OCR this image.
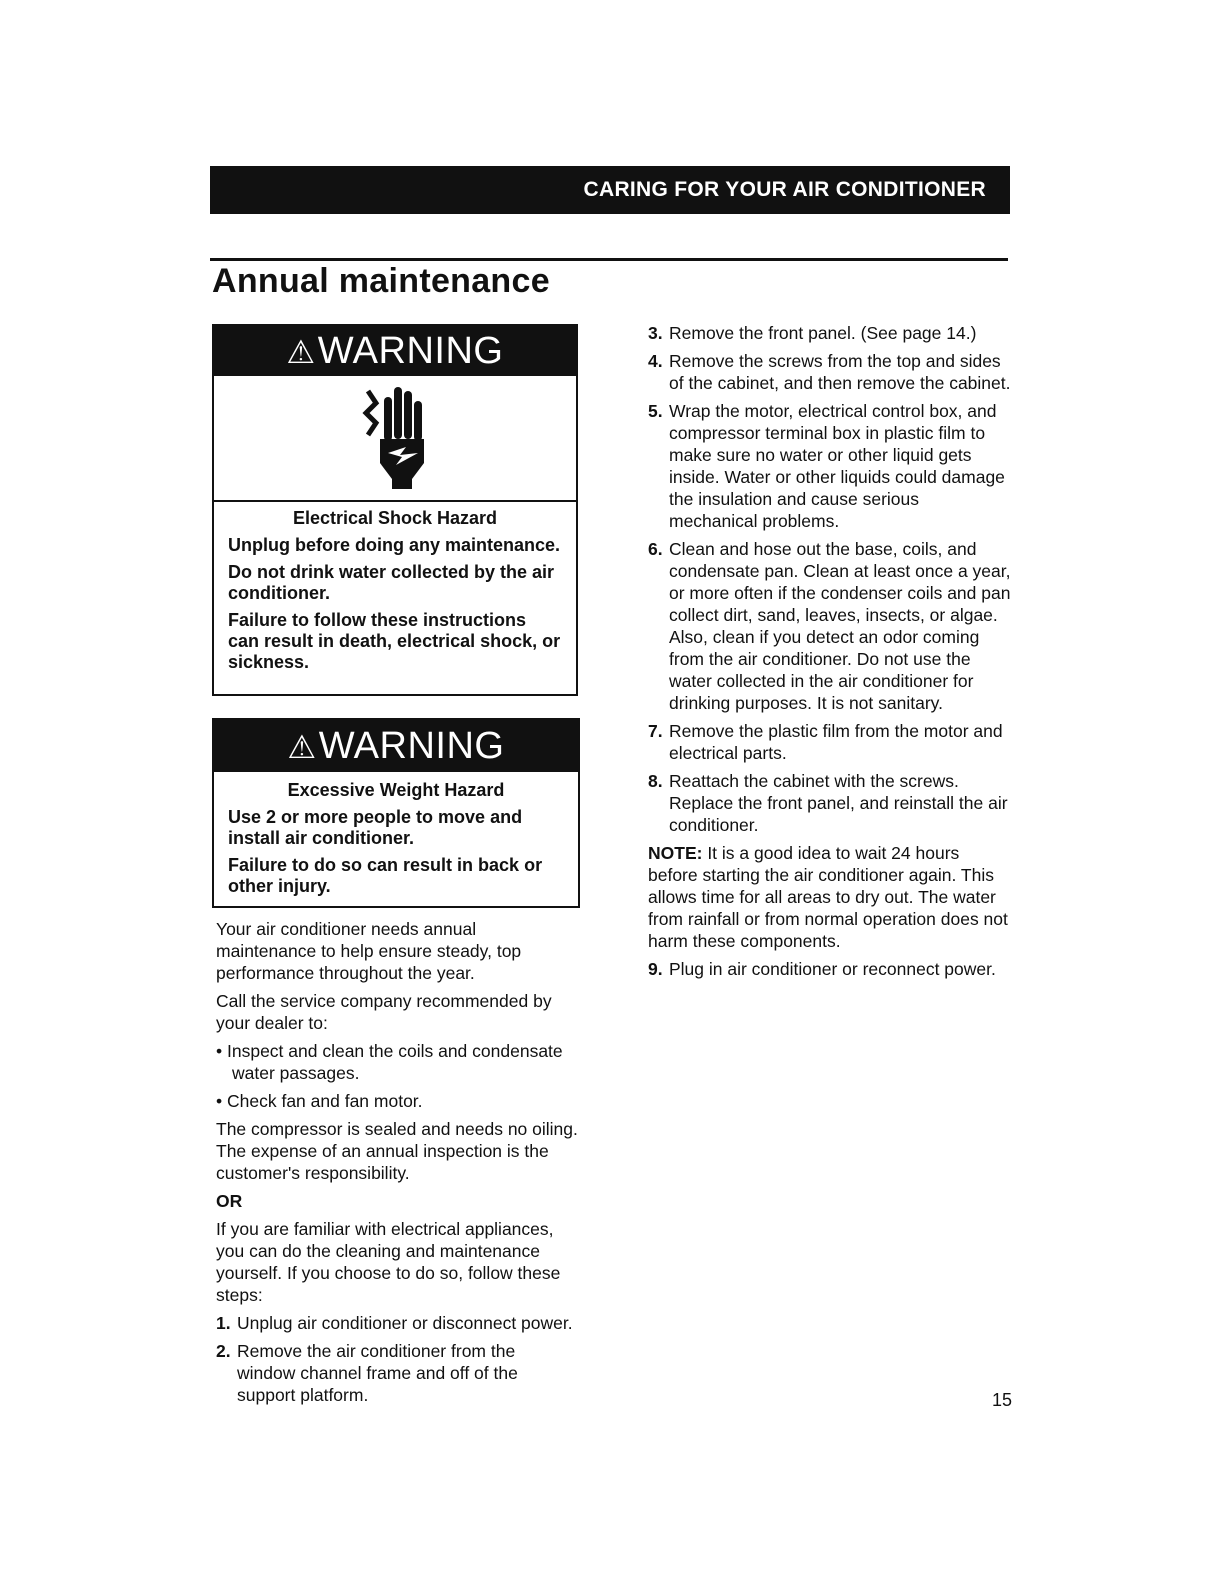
CARING FOR YOUR AIR CONDITIONER
Annual maintenance
⚠ WARNING
Electrical Shock Hazard

Unplug before doing any maintenance.

Do not drink water collected by the air conditioner.

Failure to follow these instructions can result in death, electrical shock, or sickness.

⚠ WARNING
Excessive Weight Hazard

Use 2 or more people to move and install air conditioner.

Failure to do so can result in back or other injury.

Your air conditioner needs annual maintenance to help ensure steady, top performance throughout the year.

Call the service company recommended by your dealer to:

• Inspect and clean the coils and condensate water passages.

• Check fan and fan motor.

The compressor is sealed and needs no oiling. The expense of an annual inspection is the customer's responsibility.

OR

If you are familiar with electrical appliances, you can do the cleaning and maintenance yourself. If you choose to do so, follow these steps:

1. Unplug air conditioner or disconnect power.
2. Remove the air conditioner from the window channel frame and off of the support platform.
3. Remove the front panel. (See page 14.)
4. Remove the screws from the top and sides of the cabinet, and then remove the cabinet.
5. Wrap the motor, electrical control box, and compressor terminal box in plastic film to make sure no water or other liquid gets inside. Water or other liquids could damage the insulation and cause serious mechanical problems.
6. Clean and hose out the base, coils, and condensate pan. Clean at least once a year, or more often if the condenser coils and pan collect dirt, sand, leaves, insects, or algae. Also, clean if you detect an odor coming from the air conditioner. Do not use the water collected in the air conditioner for drinking purposes. It is not sanitary.
7. Remove the plastic film from the motor and electrical parts.
8. Reattach the cabinet with the screws. Replace the front panel, and reinstall the air conditioner.

NOTE: It is a good idea to wait 24 hours before starting the air conditioner again. This allows time for all areas to dry out. The water from rainfall or from normal operation does not harm these components.

9. Plug in air conditioner or reconnect power.
15
